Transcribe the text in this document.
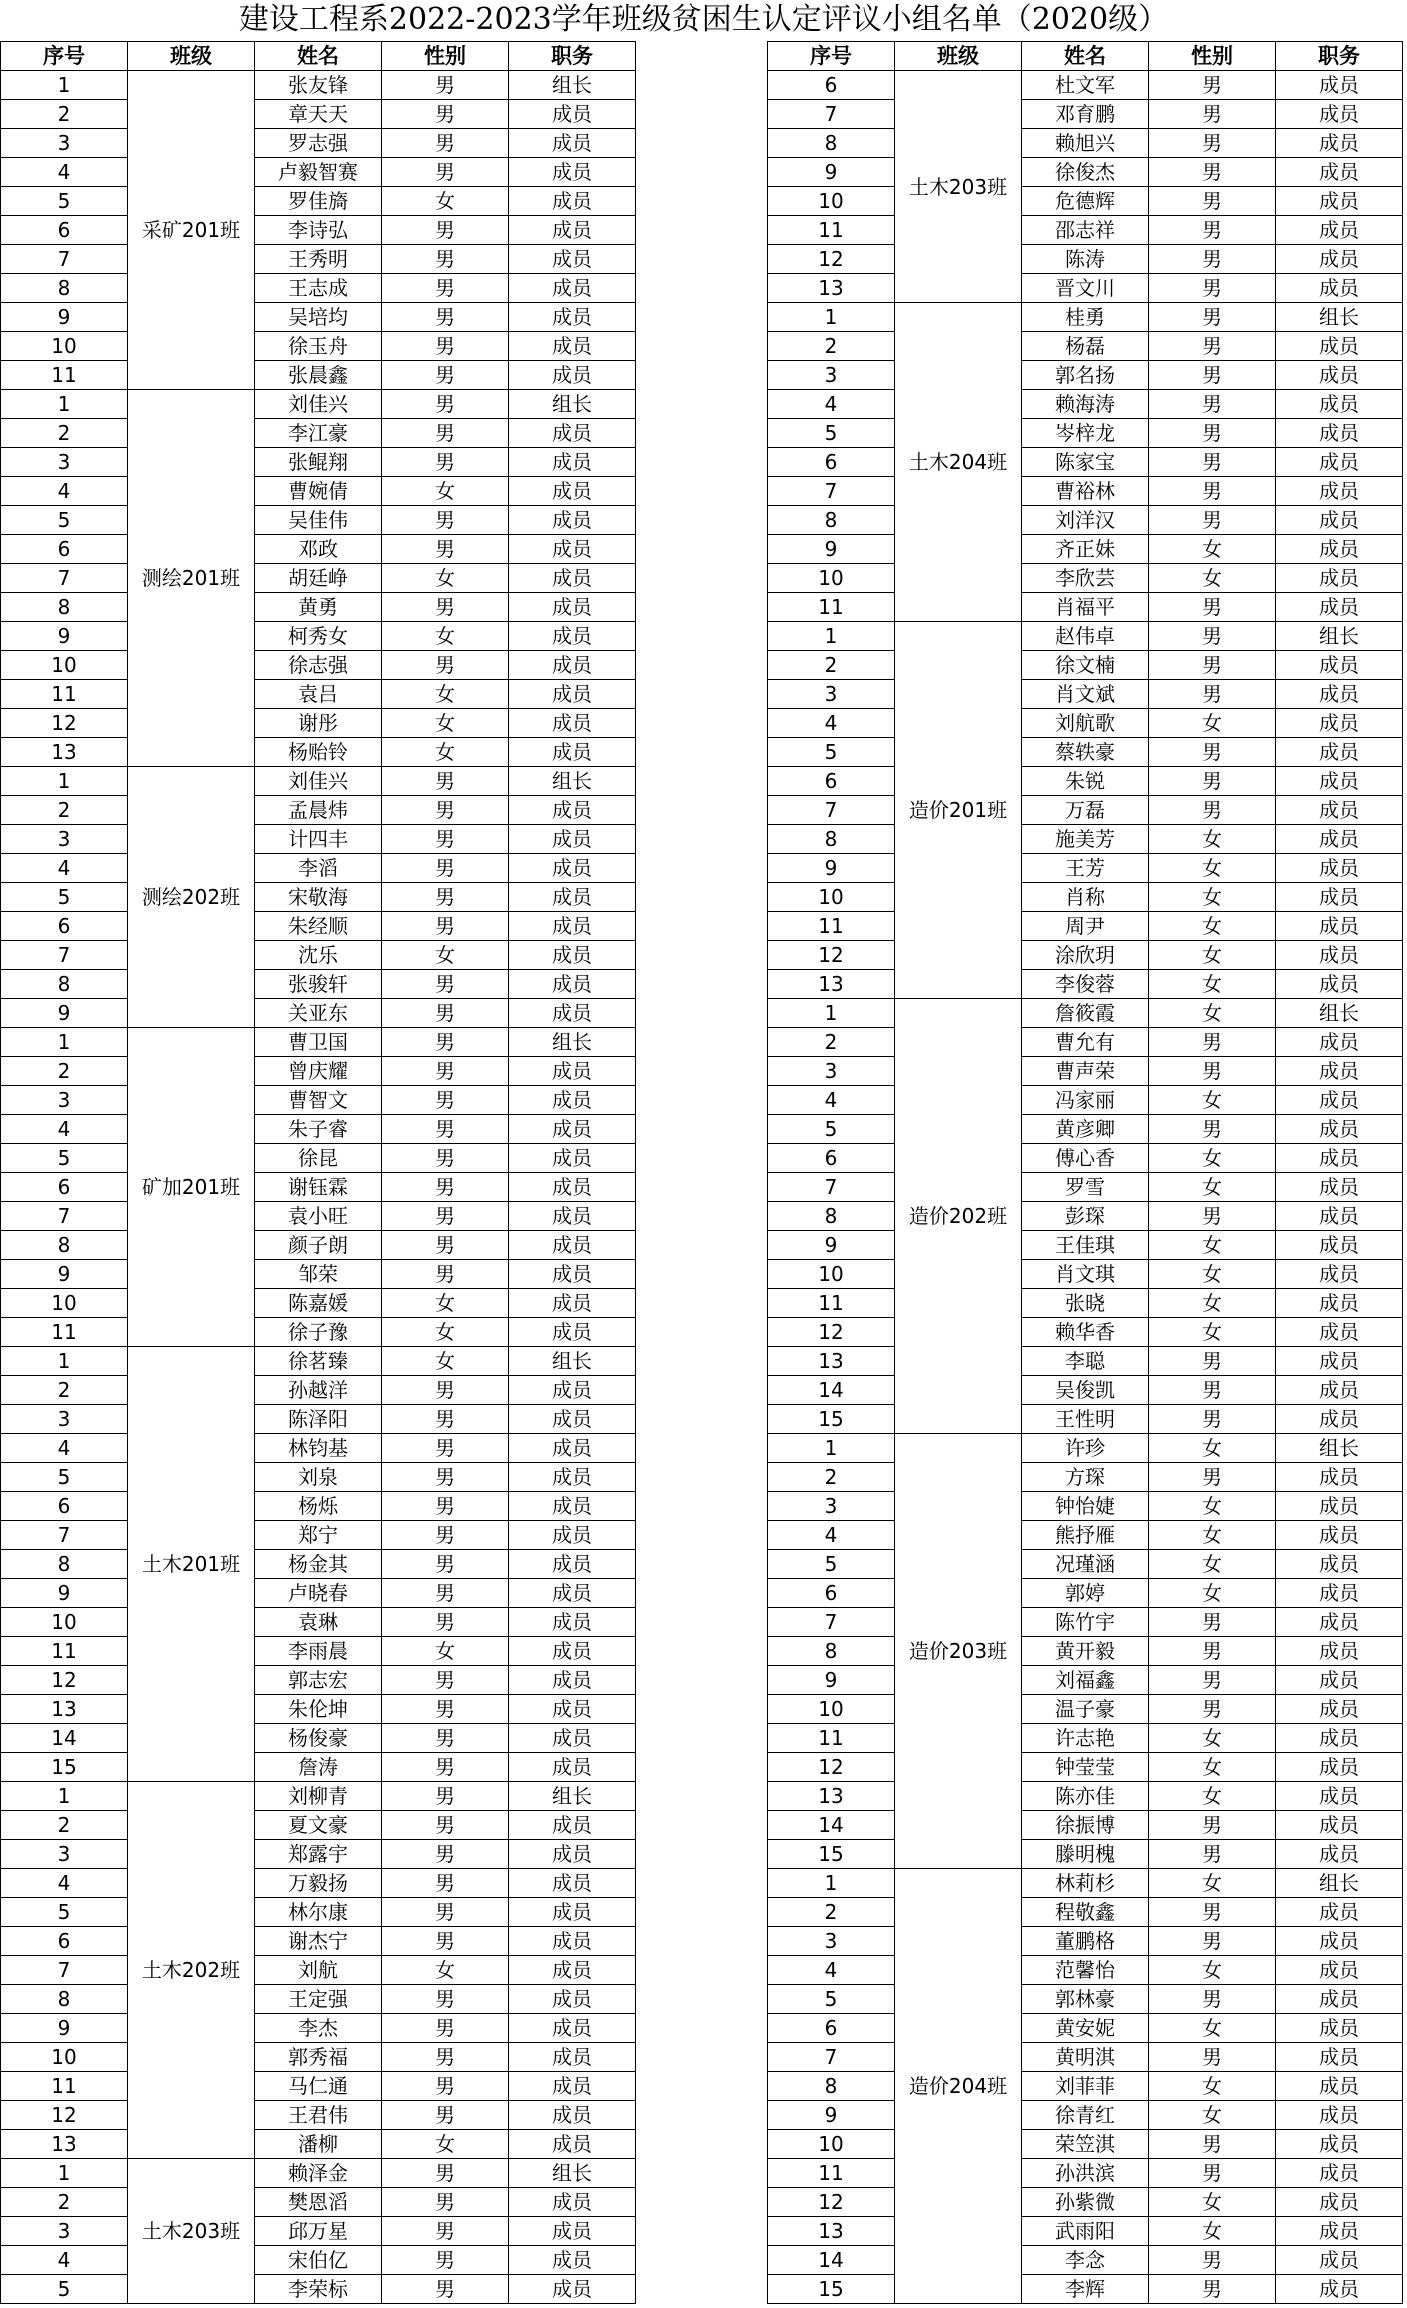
建设工程系2022-2023学年班级贫困生认定评议小组名单（2020级）
序号	班级	姓名	性别	职务
1	采矿201班	张友锋	男	组长
2		章天天	男	成员
3		罗志强	男	成员
4		卢毅智赛	男	成员
5		罗佳旖	女	成员
6		李诗弘	男	成员
7		王秀明	男	成员
8		王志成	男	成员
9		吴培均	男	成员
10		徐玉舟	男	成员
11		张晨鑫	男	成员
1	测绘201班	刘佳兴	男	组长
2		李江豪	男	成员
3		张鲲翔	男	成员
4		曹婉倩	女	成员
5		吴佳伟	男	成员
6		邓政	男	成员
7		胡廷峥	女	成员
8		黄勇	男	成员
9		柯秀女	女	成员
10		徐志强	男	成员
11		袁吕	女	成员
12		谢彤	女	成员
13		杨贻铃	女	成员
1	测绘202班	刘佳兴	男	组长
2		孟晨炜	男	成员
3		计四丰	男	成员
4		李滔	男	成员
5		宋敬海	男	成员
6		朱经顺	男	成员
7		沈乐	女	成员
8		张骏轩	男	成员
9		关亚东	男	成员
1	矿加201班	曹卫国	男	组长
2		曾庆耀	男	成员
3		曹智文	男	成员
4		朱子睿	男	成员
5		徐昆	男	成员
6		谢钰霖	男	成员
7		袁小旺	男	成员
8		颜子朗	男	成员
9		邹荣	男	成员
10		陈嘉媛	女	成员
11		徐子豫	女	成员
1	土木201班	徐茗臻	女	组长
2		孙越洋	男	成员
3		陈泽阳	男	成员
4		林钧基	男	成员
5		刘泉	男	成员
6		杨烁	男	成员
7		郑宁	男	成员
8		杨金其	男	成员
9		卢晓春	男	成员
10		袁琳	男	成员
11		李雨晨	女	成员
12		郭志宏	男	成员
13		朱伦坤	男	成员
14		杨俊豪	男	成员
15		詹涛	男	成员
1	土木202班	刘柳青	男	组长
2		夏文豪	男	成员
3		郑露宇	男	成员
4		万毅扬	男	成员
5		林尔康	男	成员
6		谢杰宁	男	成员
7		刘航	女	成员
8		王定强	男	成员
9		李杰	男	成员
10		郭秀福	男	成员
11		马仁通	男	成员
12		王君伟	男	成员
13		潘柳	女	成员
1	土木203班	赖泽金	男	组长
2		樊恩滔	男	成员
3		邱万星	男	成员
4		宋伯亿	男	成员
5		李荣标	男	成员
序号	班级	姓名	性别	职务
6	土木203班	杜文军	男	成员
7		邓育鹏	男	成员
8		赖旭兴	男	成员
9		徐俊杰	男	成员
10		危德辉	男	成员
11		邵志祥	男	成员
12		陈涛	男	成员
13		晋文川	男	成员
1	土木204班	桂勇	男	组长
2		杨磊	男	成员
3		郭名扬	男	成员
4		赖海涛	男	成员
5		岑梓龙	男	成员
6		陈家宝	男	成员
7		曹裕林	男	成员
8		刘洋汉	男	成员
9		齐正妹	女	成员
10		李欣芸	女	成员
11		肖福平	男	成员
1	造价201班	赵伟卓	男	组长
2		徐文楠	男	成员
3		肖文斌	男	成员
4		刘航歌	女	成员
5		蔡轶豪	男	成员
6		朱锐	男	成员
7		万磊	男	成员
8		施美芳	女	成员
9		王芳	女	成员
10		肖称	女	成员
11		周尹	女	成员
12		涂欣玥	女	成员
13		李俊蓉	女	成员
1	造价202班	詹筱霞	女	组长
2		曹允有	男	成员
3		曹声荣	男	成员
4		冯家丽	女	成员
5		黄彦卿	男	成员
6		傅心香	女	成员
7		罗雪	女	成员
8		彭琛	男	成员
9		王佳琪	女	成员
10		肖文琪	女	成员
11		张晓	女	成员
12		赖华香	女	成员
13		李聪	男	成员
14		吴俊凯	男	成员
15		王性明	男	成员
1	造价203班	许珍	女	组长
2		方琛	男	成员
3		钟怡婕	女	成员
4		熊抒雁	女	成员
5		况瑾涵	女	成员
6		郭婷	女	成员
7		陈竹宇	男	成员
8		黄开毅	男	成员
9		刘福鑫	男	成员
10		温子豪	男	成员
11		许志艳	女	成员
12		钟莹莹	女	成员
13		陈亦佳	女	成员
14		徐振博	男	成员
15		滕明槐	男	成员
1	造价204班	林莉杉	女	组长
2		程敬鑫	男	成员
3		董鹏格	男	成员
4		范馨怡	女	成员
5		郭林豪	男	成员
6		黄安妮	女	成员
7		黄明淇	男	成员
8		刘菲菲	女	成员
9		徐青红	女	成员
10		荣笠淇	男	成员
11		孙洪滨	男	成员
12		孙紫微	女	成员
13		武雨阳	女	成员
14		李念	男	成员
15		李辉	男	成员
